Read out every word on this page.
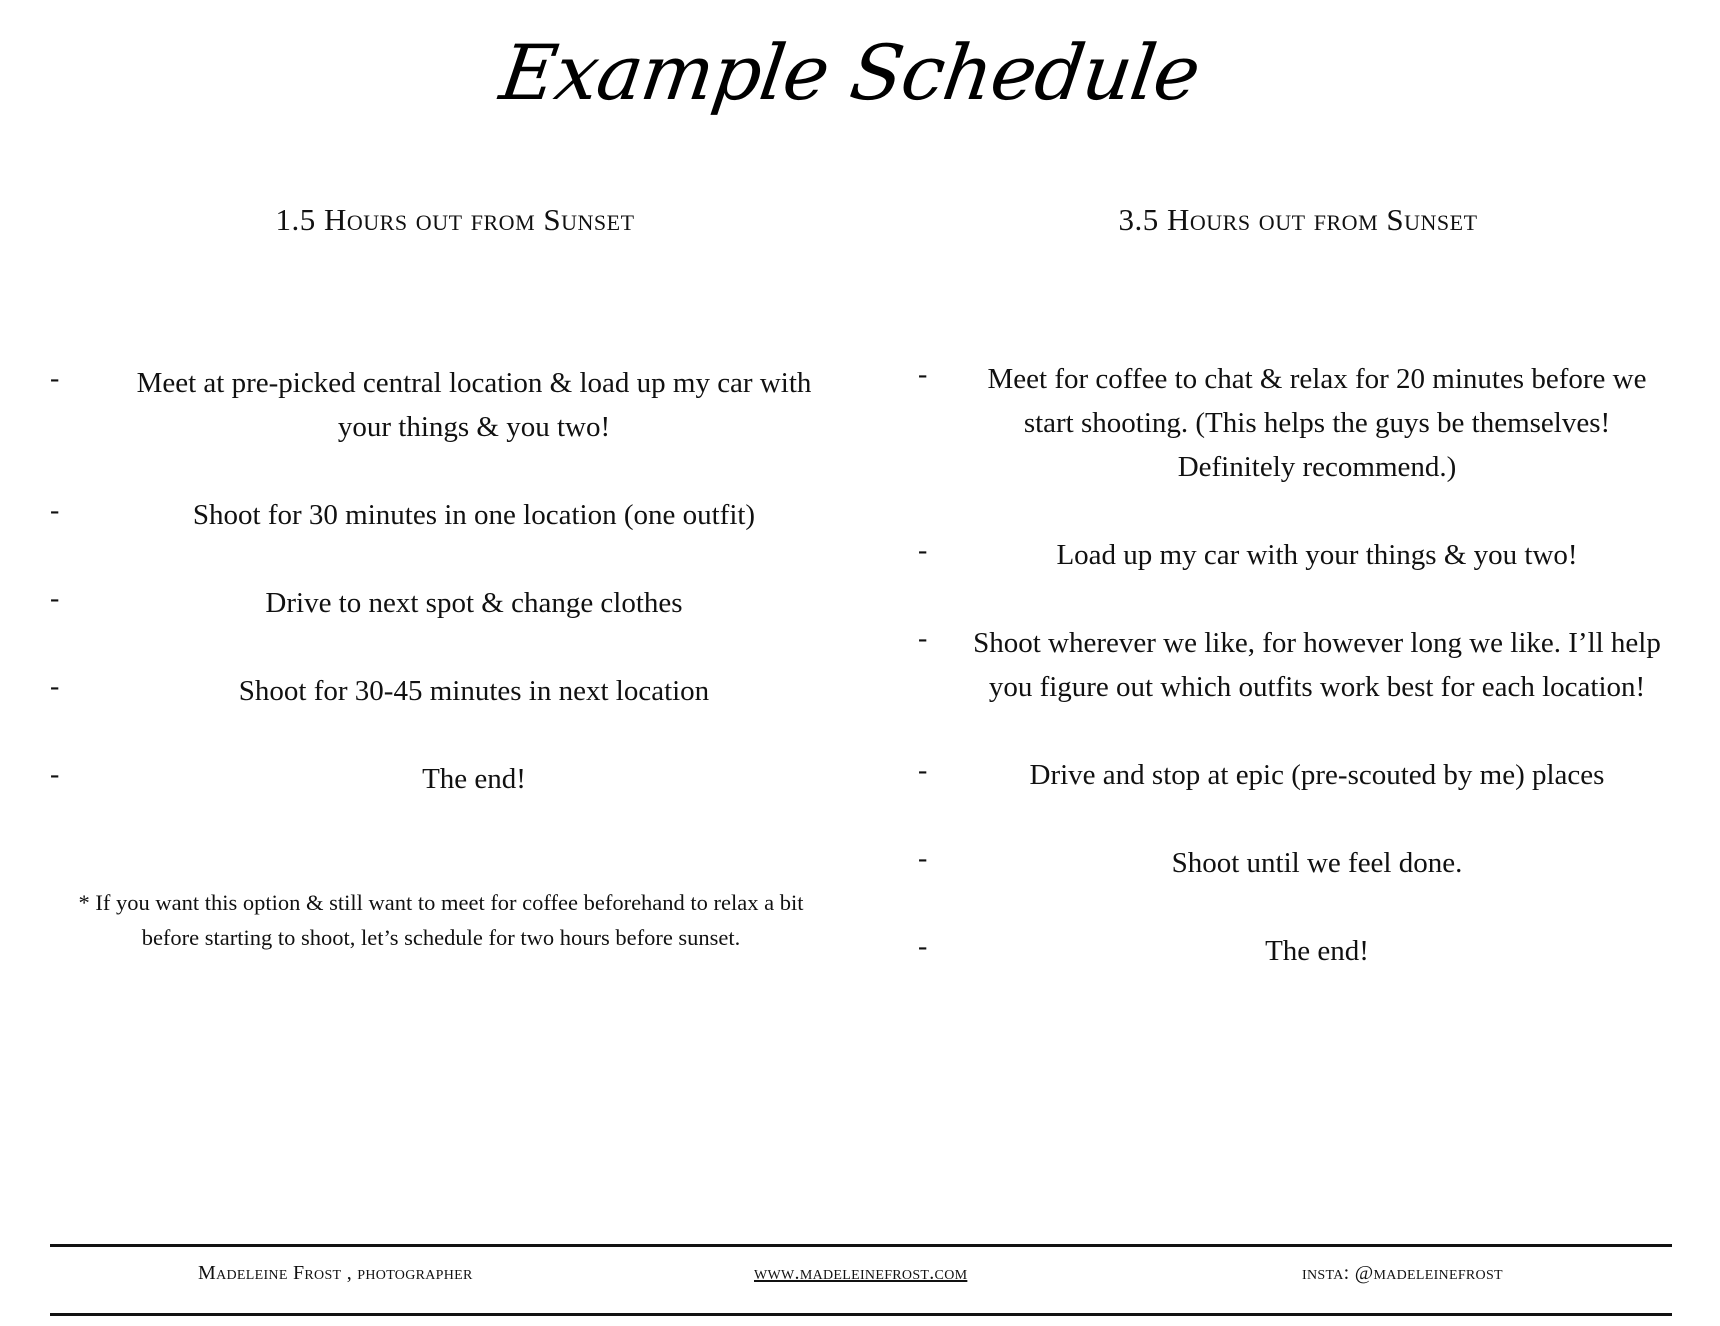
Example Schedule
1.5 Hours out from Sunset
-	Meet at pre-picked central location & load up my car with your things & you two!
-	Shoot for 30 minutes in one location (one outfit)
-	Drive to next spot & change clothes
-	Shoot for 30-45 minutes in next location
-	The end!
* If you want this option & still want to meet for coffee beforehand to relax a bit before starting to shoot, let’s schedule for two hours before sunset.
3.5 Hours out from Sunset
-	Meet for coffee to chat & relax for 20 minutes before we start shooting. (This helps the guys be themselves! Definitely recommend.)
-	Load up my car with your things & you two!
-	Shoot wherever we like, for however long we like. I’ll help you figure out which outfits work best for each location!
-	Drive and stop at epic (pre-scouted by me) places
-	Shoot until we feel done.
-	The end!
Madeleine Frost , photographer	www.madeleinefrost.com	insta: @madeleinefrost
